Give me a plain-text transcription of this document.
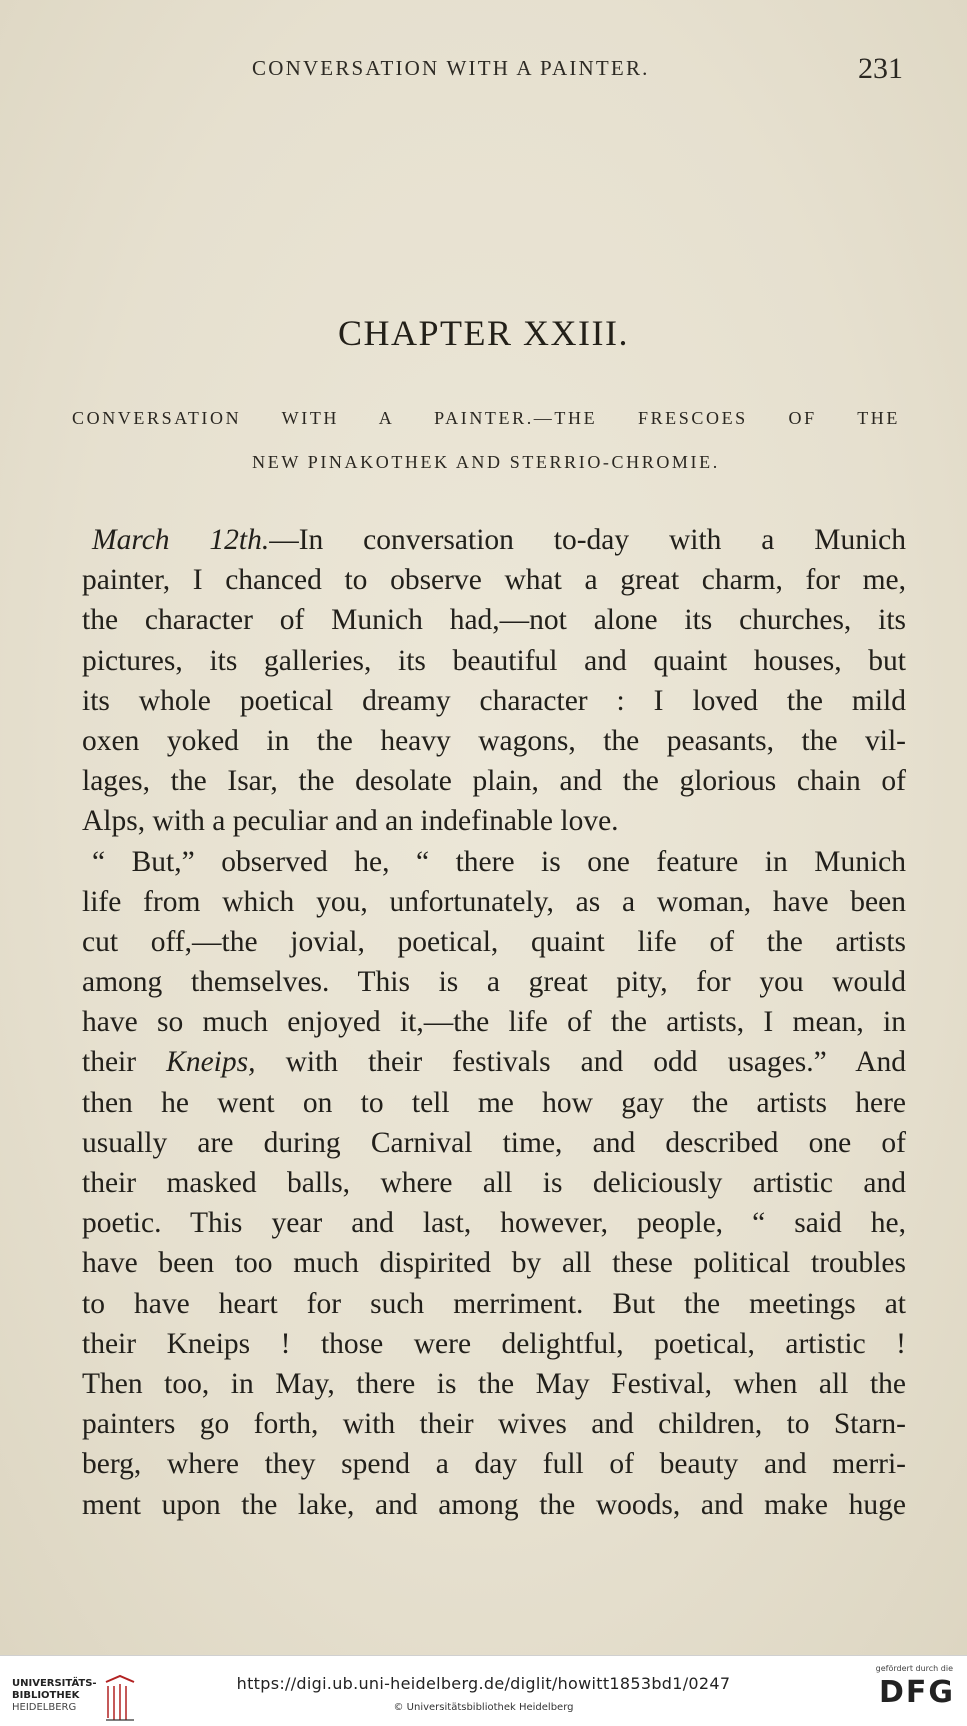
CONVERSATION WITH A PAINTER.	231
CHAPTER XXIII.
CONVERSATION WITH A PAINTER.—THE FRESCOES OF THE
NEW PINAKOTHEK AND STERRIO-CHROMIE.
March 12th.—In conversation to-day with a Munich
painter, I chanced to observe what a great charm, for me,
the character of Munich had,—not alone its churches, its
pictures, its galleries, its beautiful and quaint houses, but
its whole poetical dreamy character : I loved the mild
oxen yoked in the heavy wagons, the peasants, the vil-
lages, the Isar, the desolate plain, and the glorious chain of
Alps, with a peculiar and an indefinable love.
“ But,” observed he, “ there is one feature in Munich
life from which you, unfortunately, as a woman, have been
cut off,—the jovial, poetical, quaint life of the artists
among themselves. This is a great pity, for you would
have so much enjoyed it,—the life of the artists, I mean, in
their Kneips, with their festivals and odd usages.” And
then he went on to tell me how gay the artists here
usually are during Carnival time, and described one of
their masked balls, where all is deliciously artistic and
poetic. This year and last, however, people, “ said he,
have been too much dispirited by all these political troubles
to have heart for such merriment. But the meetings at
their Kneips ! those were delightful, poetical, artistic !
Then too, in May, there is the May Festival, when all the
painters go forth, with their wives and children, to Starn-
berg, where they spend a day full of beauty and merri-
ment upon the lake, and among the woods, and make huge
UNIVERSITÄTS-
BIBLIOTHEK
HEIDELBERG
https://digi.ub.uni-heidelberg.de/diglit/howitt1853bd1/0247
© Universitätsbibliothek Heidelberg
gefördert durch die
DFG
